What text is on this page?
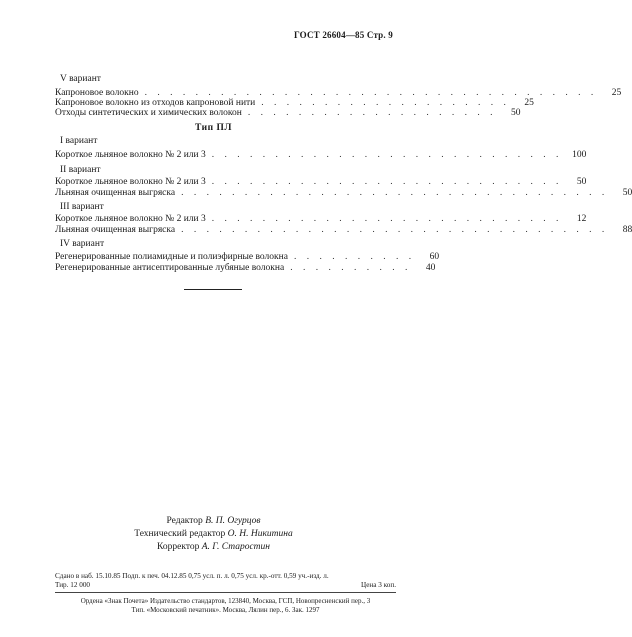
ГОСТ 26604—85 Стр. 9
V вариант
Капроновое волокно . . . . . . . . . . . . . . . . . . . . . . . . . . . . . . . . . . . .	25
Капроновое волокно из отходов капроновой нити . . . . . . . . . . . . . . . . . . . .	25
Отходы синтетических и химических волокон . . . . . . . . . . . . . . . . . . . .	50
Тип ПЛ
I вариант
Короткое льняное волокно № 2 или 3 . . . . . . . . . . . . . . . . . . . . . . . . . . . .	100
II вариант
Короткое льняное волокно № 2 или 3 . . . . . . . . . . . . . . . . . . . . . . . . . . . .	50
Льняная очищенная выгряска . . . . . . . . . . . . . . . . . . . . . . . . . . . . . . . . . .	50
III вариант
Короткое льняное волокно № 2 или 3 . . . . . . . . . . . . . . . . . . . . . . . . . . . .	12
Льняная очищенная выгряска . . . . . . . . . . . . . . . . . . . . . . . . . . . . . . . . . .	88
IV вариант
Регенерированные полиамидные и полиэфирные волокна . . . . . . . . . .	60
Регенерированные антисептированные лубяные волокна . . . . . . . . . .	40
Редактор В. П. Огурцов
Технический редактор О. Н. Никитина
Корректор А. Г. Старостин
Сдано в наб. 15.10.85 Подп. к печ. 04.12.85 0,75 усл. п. л. 0,75 усл. кр.-отт. 0,59 уч.-изд. л.
Тир. 12 000	Цена 3 коп.
Ордена «Знак Почета» Издательство стандартов, 123840, Москва, ГСП, Новопресненский пер., 3
Тип. «Московский печатник». Москва, Лялин пер., 6. Зак. 1297
